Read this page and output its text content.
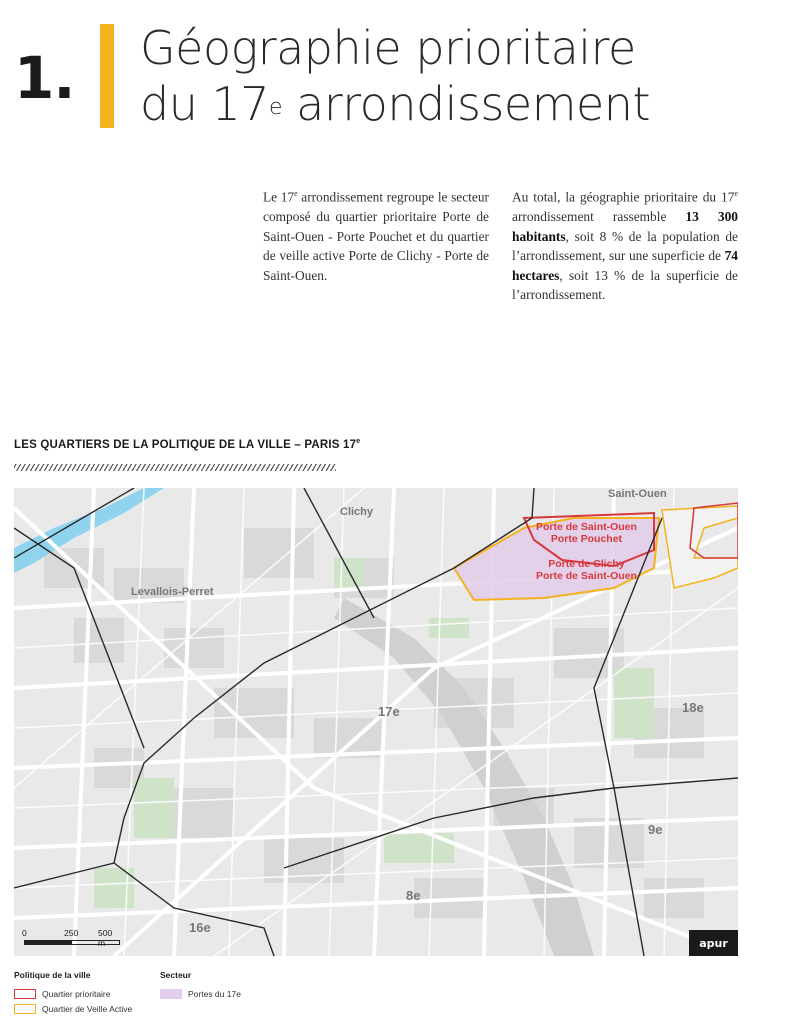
1. Géographie prioritaire
du 17e arrondissement

Le 17e arrondissement regroupe le secteur composé du quartier prioritaire Porte de Saint-Ouen - Porte Pouchet et du quartier de veille active Porte de Clichy - Porte de Saint-Ouen.

Au total, la géographie prioritaire du 17e arrondissement rassemble 13 300 habitants, soit 8 % de la population de l’arrondissement, sur une superficie de 74 hectares, soit 13 % de la superficie de l’arrondissement.

LES QUARTIERS DE LA POLITIQUE DE LA VILLE – PARIS 17e
Saint-Ouen
Clichy
Levallois-Perret
17e	18e
9e
8e
16e
Porte de Saint-Ouen
Porte Pouchet
Porte de Clichy
Porte de Saint-Ouen
0	250 500 m	apur
Politique de la ville
Quartier prioritaire
Quartier de Veille Active
Secteur
Portes du 17e
